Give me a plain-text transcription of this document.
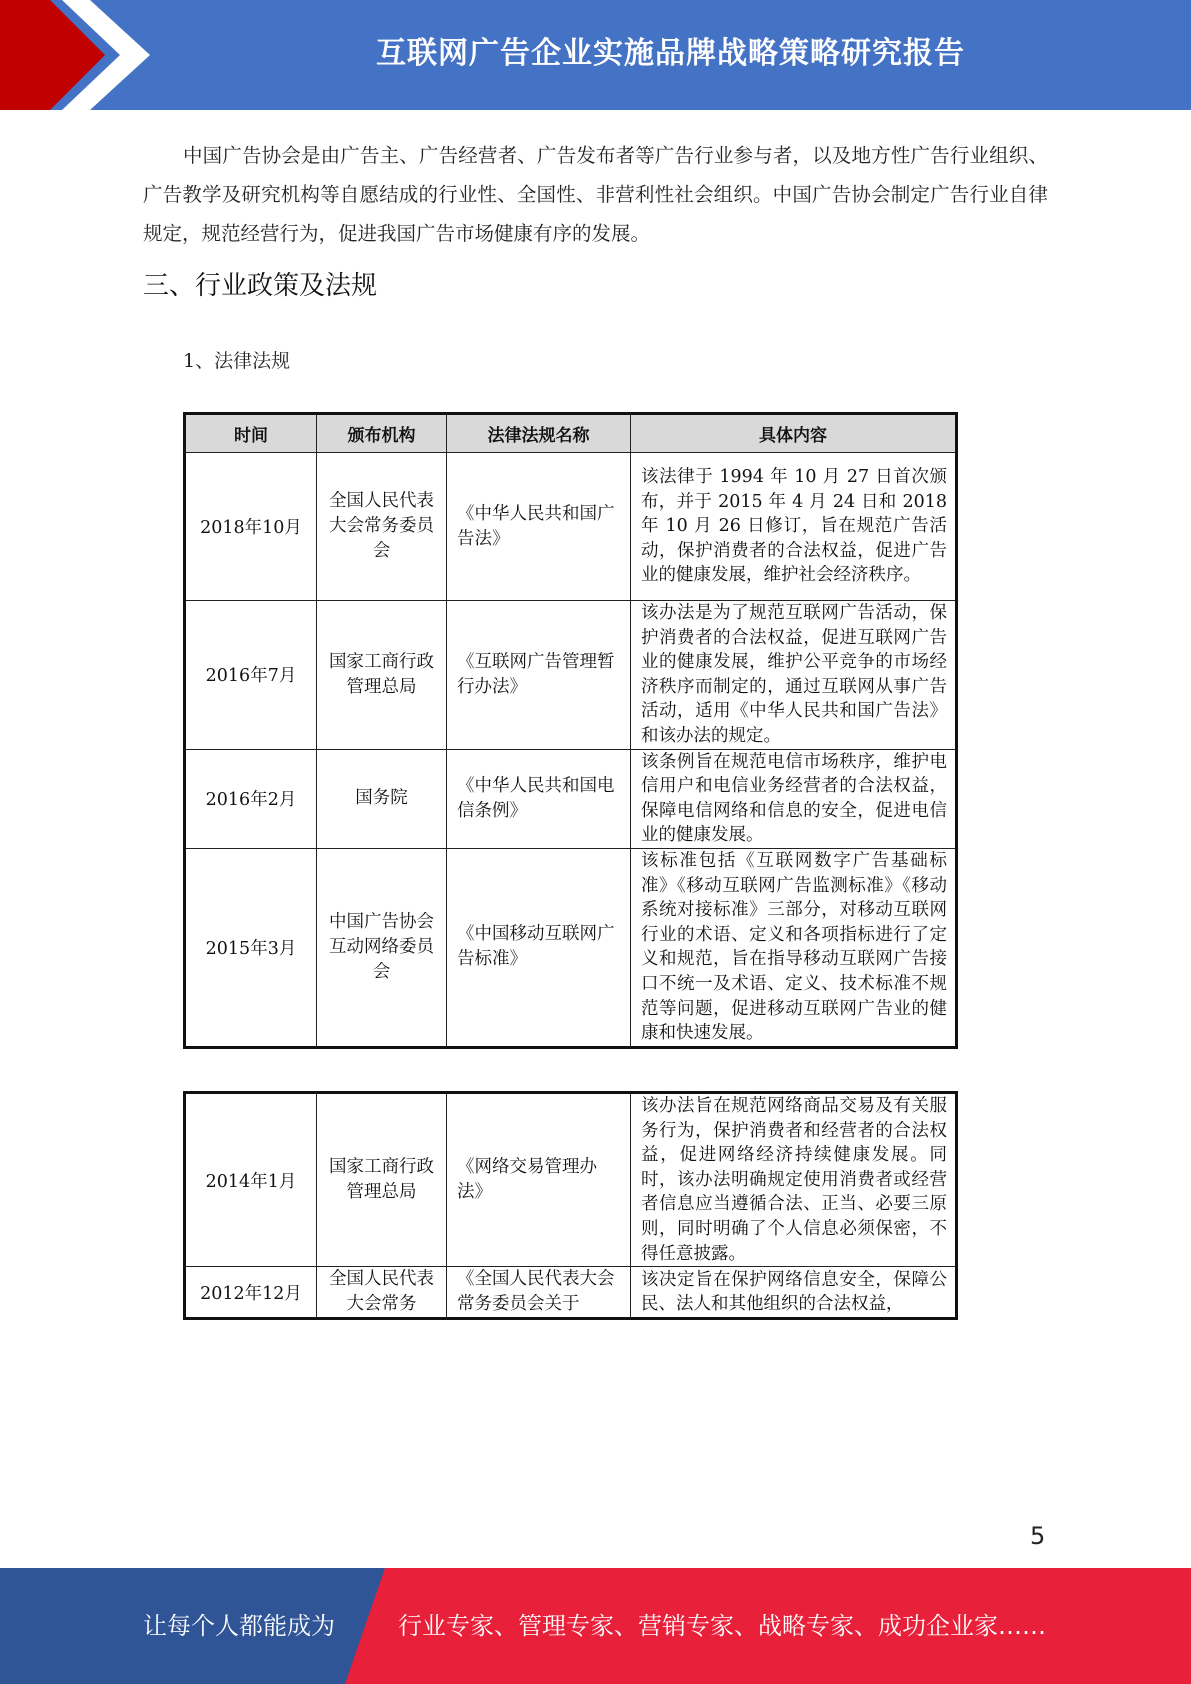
互联网广告企业实施品牌战略策略研究报告

中国广告协会是由广告主、广告经营者、广告发布者等广告行业参与者，以及地方性广告行业组织、广告教学及研究机构等自愿结成的行业性、全国性、非营利性社会组织。中国广告协会制定广告行业自律规定，规范经营行为，促进我国广告市场健康有序的发展。

三、行业政策及法规

1、法律法规

时间	颁布机构	法律法规名称	具体内容
2018年10月	全国人民代表大会常务委员会	《中华人民共和国广告法》	该法律于 1994 年 10 月 27 日首次颁布，并于 2015 年 4 月 24 日和 2018 年 10 月 26 日修订，旨在规范广告活动，保护消费者的合法权益，促进广告业的健康发展，维护社会经济秩序。
2016年7月	国家工商行政管理总局	《互联网广告管理暂行办法》	该办法是为了规范互联网广告活动，保护消费者的合法权益，促进互联网广告业的健康发展，维护公平竞争的市场经济秩序而制定的，通过互联网从事广告活动，适用《中华人民共和国广告法》和该办法的规定。
2016年2月	国务院	《中华人民共和国电信条例》	该条例旨在规范电信市场秩序，维护电信用户和电信业务经营者的合法权益，保障电信网络和信息的安全，促进电信业的健康发展。
2015年3月	中国广告协会互动网络委员会	《中国移动互联网广告标准》	该标准包括《互联网数字广告基础标准》《移动互联网广告监测标准》《移动系统对接标准》三部分，对移动互联网行业的术语、定义和各项指标进行了定义和规范，旨在指导移动互联网广告接口不统一及术语、定义、技术标准不规范等问题，促进移动互联网广告业的健康和快速发展。
2014年1月	国家工商行政管理总局	《网络交易管理办法》	该办法旨在规范网络商品交易及有关服务行为，保护消费者和经营者的合法权益，促进网络经济持续健康发展。同时，该办法明确规定使用消费者或经营者信息应当遵循合法、正当、必要三原则，同时明确了个人信息必须保密，不得任意披露。
2012年12月	全国人民代表大会常务	《全国人民代表大会常务委员会关于	该决定旨在保护网络信息安全，保障公民、法人和其他组织的合法权益，
5
让每个人都能成为	行业专家、管理专家、营销专家、战略专家、成功企业家……
